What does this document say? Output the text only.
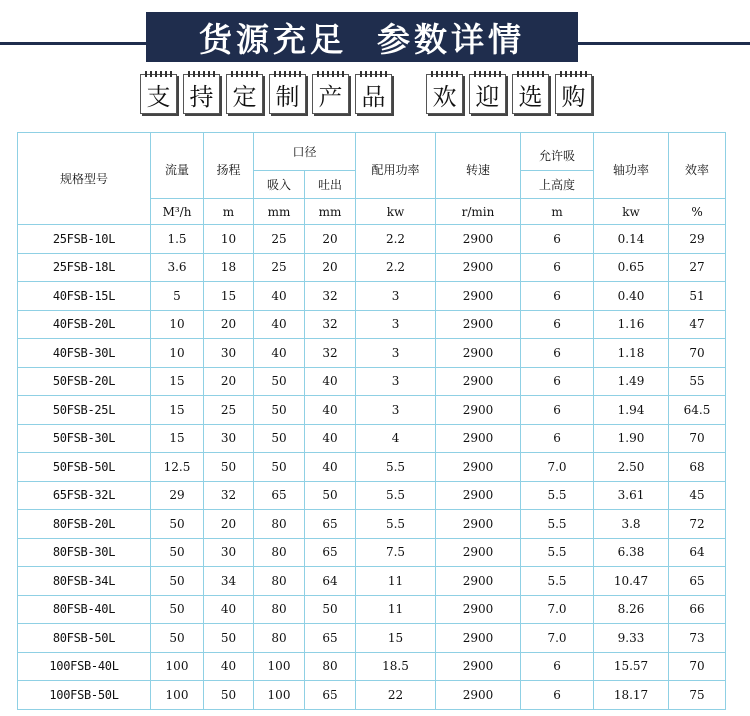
货源充足 参数详情
支 持 定 制 产 品 欢 迎 选 购
规格型号	流量	扬程	口径		配用功率	转速	允许吸	轴功率	效率
			吸入	吐出			上高度		
	M³/h	m	mm	mm	kw	r/min	m	kw	%
25FSB-10L	1.5	10	25	20	2.2	2900	6	0.14	29
25FSB-18L	3.6	18	25	20	2.2	2900	6	0.65	27
40FSB-15L	5	15	40	32	3	2900	6	0.40	51
40FSB-20L	10	20	40	32	3	2900	6	1.16	47
40FSB-30L	10	30	40	32	3	2900	6	1.18	70
50FSB-20L	15	20	50	40	3	2900	6	1.49	55
50FSB-25L	15	25	50	40	3	2900	6	1.94	64.5
50FSB-30L	15	30	50	40	4	2900	6	1.90	70
50FSB-50L	12.5	50	50	40	5.5	2900	7.0	2.50	68
65FSB-32L	29	32	65	50	5.5	2900	5.5	3.61	45
80FSB-20L	50	20	80	65	5.5	2900	5.5	3.8	72
80FSB-30L	50	30	80	65	7.5	2900	5.5	6.38	64
80FSB-34L	50	34	80	64	11	2900	5.5	10.47	65
80FSB-40L	50	40	80	50	11	2900	7.0	8.26	66
80FSB-50L	50	50	80	65	15	2900	7.0	9.33	73
100FSB-40L	100	40	100	80	18.5	2900	6	15.57	70
100FSB-50L	100	50	100	65	22	2900	6	18.17	75
